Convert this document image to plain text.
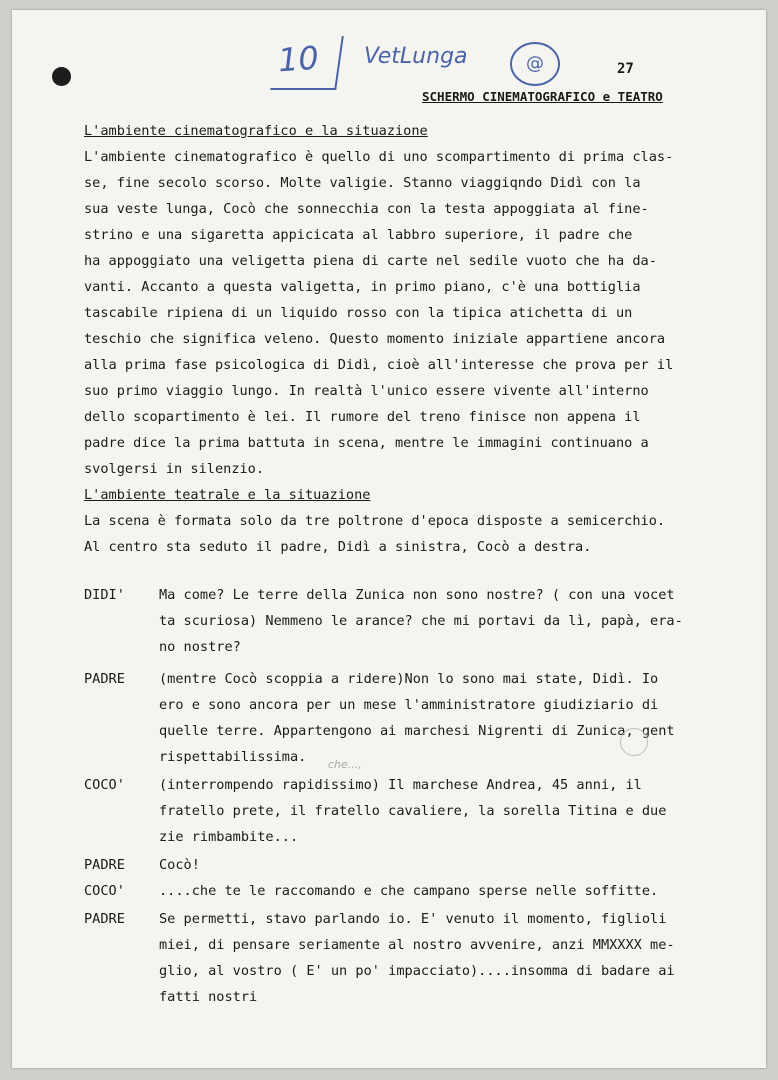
10 VetLunga	@	27
SCHERMO CINEMATOGRAFICO e TEATRO
L'ambiente cinematografico e la situazione
L'ambiente cinematografico è quello di uno scompartimento di prima clas-
se, fine secolo scorso. Molte valigie. Stanno viaggiqndo Didì con la
sua veste lunga, Cocò che sonnecchia con la testa appoggiata al fine-
strino e una sigaretta appicicata al labbro superiore, il padre che
ha appoggiato una veligetta piena di carte nel sedile vuoto che ha da-
vanti. Accanto a questa valigetta, in primo piano, c'è una bottiglia
tascabile ripiena di un liquido rosso con la tipica atichetta di un
teschio che significa veleno. Questo momento iniziale appartiene ancora
alla prima fase psicologica di Didì, cioè all'interesse che prova per il
suo primo viaggio lungo. In realtà l'unico essere vivente all'interno
dello scopartimento è lei. Il rumore del treno finisce non appena il
padre dice la prima battuta in scena, mentre le immagini continuano a
svolgersi in silenzio.
L'ambiente teatrale e la situazione
La scena è formata solo da tre poltrone d'epoca disposte a semicerchio.
Al centro sta seduto il padre, Didì a sinistra, Cocò a destra.
DIDI'	Ma come? Le terre della Zunica non sono nostre? ( con una vocet
ta scuriosa) Nemmeno le arance? che mi portavi da lì, papà, era-
no nostre?
PADRE	(mentre Cocò scoppia a ridere)Non lo sono mai state, Didì. Io
ero e sono ancora per un mese l'amministratore giudiziario di
quelle terre. Appartengono ai marchesi Nigrenti di Zunica, gent
rispettabilissima. che...,
COCO'	(interrompendo rapidissimo) Il marchese Andrea, 45 anni, il
fratello prete, il fratello cavaliere, la sorella Titina e due
zie rimbambite...
PADRE	Cocò!
COCO'	....che te le raccomando e che campano sperse nelle soffitte.
PADRE	Se permetti, stavo parlando io. E' venuto il momento, figlioli
miei, di pensare seriamente al nostro avvenire, anzi MMXXXX me-
glio, al vostro ( E' un po' impacciato)....insomma di badare ai
fatti nostri
